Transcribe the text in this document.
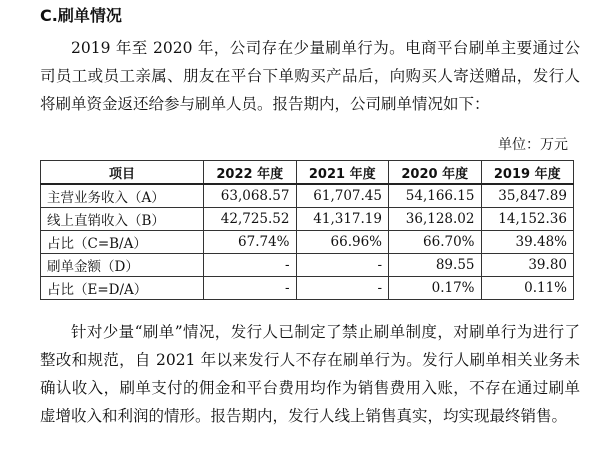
C.刷单情况

2019 年至 2020 年，公司存在少量刷单行为。电商平台刷单主要通过公司员工或员工亲属、朋友在平台下单购买产品后，向购买人寄送赠品，发行人将刷单资金返还给参与刷单人员。报告期内，公司刷单情况如下：

单位：万元
项目	2022 年度	2021 年度	2020 年度	2019 年度
主营业务收入（A）	63,068.57	61,707.45	54,166.15	35,847.89
线上直销收入（B）	42,725.52	41,317.19	36,128.02	14,152.36
占比（C=B/A）	67.74%	66.96%	66.70%	39.48%
刷单金额（D）	-	-	89.55	39.80
占比（E=D/A）	-	-	0.17%	0.11%

针对少量“刷单”情况，发行人已制定了禁止刷单制度，对刷单行为进行了整改和规范，自 2021 年以来发行人不存在刷单行为。发行人刷单相关业务未确认收入，刷单支付的佣金和平台费用均作为销售费用入账，不存在通过刷单虚增收入和利润的情形。报告期内，发行人线上销售真实，均实现最终销售。
